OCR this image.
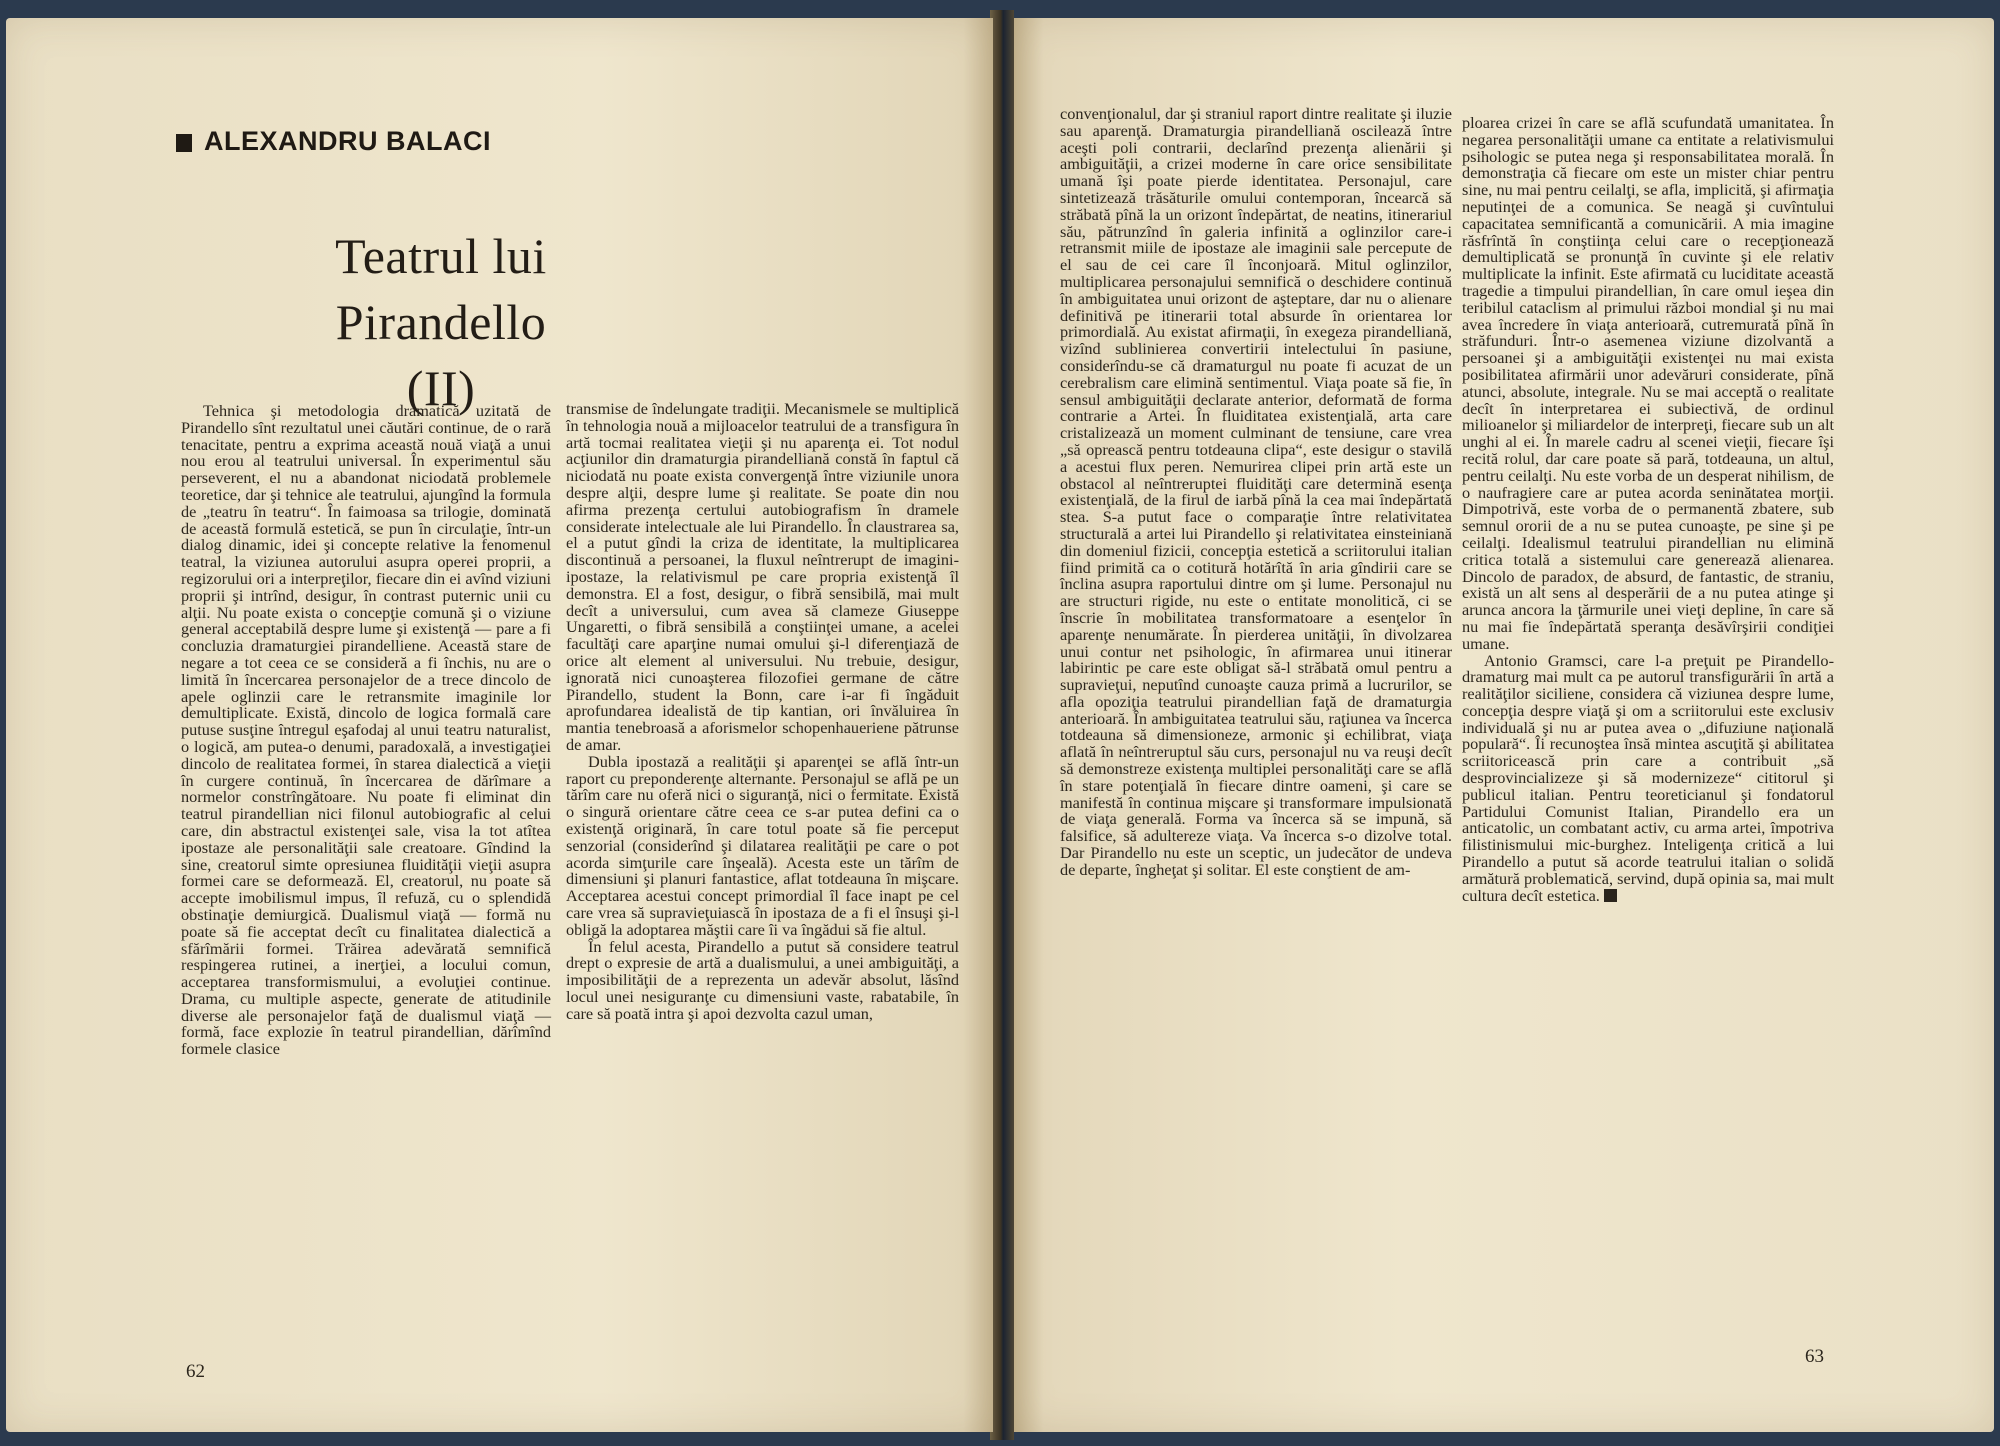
ALEXANDRU BALACI
Teatrul lui Pirandello
(II)

Tehnica şi metodologia dramatică uzitată de Pirandello sînt rezultatul unei căutări continue, de o rară tenacitate, pentru a exprima această nouă viaţă a unui nou erou al teatrului universal. În experimentul său perseverent, el nu a abandonat niciodată problemele teoretice, dar şi tehnice ale teatrului, ajungînd la formula de „teatru în teatru“. În faimoasa sa trilogie, dominată de această formulă estetică, se pun în circulaţie, într-un dialog dinamic, idei şi concepte relative la fenomenul teatral, la viziunea autorului asupra operei proprii, a regizorului ori a interpreţilor, fiecare din ei avînd viziuni proprii şi intrînd, desigur, în contrast puternic unii cu alţii. Nu poate exista o concepţie comună şi o viziune general acceptabilă despre lume şi existenţă — pare a fi concluzia dramaturgiei pirandelliene. Această stare de negare a tot ceea ce se consideră a fi închis, nu are o limită în încercarea personajelor de a trece dincolo de apele oglinzii care le retransmite imaginile lor demultiplicate. Există, dincolo de logica formală care putuse susţine întregul eşafodaj al unui teatru naturalist, o logică, am putea-o denumi, paradoxală, a investigaţiei dincolo de realitatea formei, în starea dialectică a vieţii în curgere continuă, în încercarea de dărîmare a normelor constrîngătoare. Nu poate fi eliminat din teatrul pirandellian nici filonul autobiografic al celui care, din abstractul existenţei sale, visa la tot atîtea ipostaze ale personalităţii sale creatoare. Gîndind la sine, creatorul simte opresiunea fluidităţii vieţii asupra formei care se deformează. El, creatorul, nu poate să accepte imobilismul impus, îl refuză, cu o splendidă obstinaţie demiurgică. Dualismul viaţă — formă nu poate să fie acceptat decît cu finalitatea dialectică a sfărîmării formei. Trăirea adevărată semnifică respingerea rutinei, a inerţiei, a locului comun, acceptarea transformismului, a evoluţiei continue. Drama, cu multiple aspecte, generate de atitudinile diverse ale personajelor faţă de dualismul viaţă — formă, face explozie în teatrul pirandellian, dărîmînd formele clasice

transmise de îndelungate tradiţii. Mecanismele se multiplică în tehnologia nouă a mijloacelor teatrului de a transfigura în artă tocmai realitatea vieţii şi nu aparenţa ei. Tot nodul acţiunilor din dramaturgia pirandelliană constă în faptul că niciodată nu poate exista convergenţă între viziunile unora despre alţii, despre lume şi realitate. Se poate din nou afirma prezenţa certului autobiografism în dramele considerate intelectuale ale lui Pirandello. În claustrarea sa, el a putut gîndi la criza de identitate, la multiplicarea discontinuă a persoanei, la fluxul neîntrerupt de imagini-ipostaze, la relativismul pe care propria existenţă îl demonstra. El a fost, desigur, o fibră sensibilă, mai mult decît a universului, cum avea să clameze Giuseppe Ungaretti, o fibră sensibilă a conştiinţei umane, a acelei facultăţi care aparţine numai omului şi-l diferenţiază de orice alt element al universului. Nu trebuie, desigur, ignorată nici cunoaşterea filozofiei germane de către Pirandello, student la Bonn, care i-ar fi îngăduit aprofundarea idealistă de tip kantian, ori învăluirea în mantia tenebroasă a aforismelor schopenhaueriene pătrunse de amar.

Dubla ipostază a realităţii şi aparenţei se află într-un raport cu preponderenţe alternante. Personajul se află pe un tărîm care nu oferă nici o siguranţă, nici o fermitate. Există o singură orientare către ceea ce s-ar putea defini ca o existenţă originară, în care totul poate să fie perceput senzorial (considerînd şi dilatarea realităţii pe care o pot acorda simţurile care înşeală). Acesta este un tărîm de dimensiuni şi planuri fantastice, aflat totdeauna în mişcare. Acceptarea acestui concept primordial îl face inapt pe cel care vrea să supravieţuiască în ipostaza de a fi el însuşi şi-l obligă la adoptarea măştii care îi va îngădui să fie altul.

În felul acesta, Pirandello a putut să considere teatrul drept o expresie de artă a dualismului, a unei ambiguităţi, a imposibilităţii de a reprezenta un adevăr absolut, lăsînd locul unei nesiguranţe cu dimensiuni vaste, rabatabile, în care să poată intra şi apoi dezvolta cazul uman,

62

convenţionalul, dar şi straniul raport dintre realitate şi iluzie sau aparenţă. Dramaturgia pirandelliană oscilează între aceşti poli contrarii, declarînd prezenţa alienării şi ambiguităţii, a crizei moderne în care orice sensibilitate umană îşi poate pierde identitatea. Personajul, care sintetizează trăsăturile omului contemporan, încearcă să străbată pînă la un orizont îndepărtat, de neatins, itinerariul său, pătrunzînd în galeria infinită a oglinzilor care-i retransmit miile de ipostaze ale imaginii sale percepute de el sau de cei care îl înconjoară. Mitul oglinzilor, multiplicarea personajului semnifică o deschidere continuă în ambiguitatea unui orizont de aşteptare, dar nu o alienare definitivă pe itinerarii total absurde în orientarea lor primordială. Au existat afirmaţii, în exegeza pirandelliană, vizînd sublinierea convertirii intelectului în pasiune, considerîndu-se că dramaturgul nu poate fi acuzat de un cerebralism care elimină sentimentul. Viaţa poate să fie, în sensul ambiguităţii declarate anterior, deformată de forma contrarie a Artei. În fluiditatea existenţială, arta care cristalizează un moment culminant de tensiune, care vrea „să oprească pentru totdeauna clipa“, este desigur o stavilă a acestui flux peren. Nemurirea clipei prin artă este un obstacol al neîntreruptei fluidităţi care determină esenţa existenţială, de la firul de iarbă pînă la cea mai îndepărtată stea. S-a putut face o comparaţie între relativitatea structurală a artei lui Pirandello şi relativitatea einsteiniană din domeniul fizicii, concepţia estetică a scriitorului italian fiind primită ca o cotitură hotărîtă în aria gîndirii care se înclina asupra raportului dintre om şi lume. Personajul nu are structuri rigide, nu este o entitate monolitică, ci se înscrie în mobilitatea transformatoare a esenţelor în aparenţe nenumărate. În pierderea unităţii, în divolzarea unui contur net psihologic, în afirmarea unui itinerar labirintic pe care este obligat să-l străbată omul pentru a supravieţui, neputînd cunoaşte cauza primă a lucrurilor, se afla opoziţia teatrului pirandellian faţă de dramaturgia anterioară. În ambiguitatea teatrului său, raţiunea va încerca totdeauna să dimensioneze, armonic şi echilibrat, viaţa aflată în neîntreruptul său curs, personajul nu va reuşi decît să demonstreze existenţa multiplei personalităţi care se află în stare potenţială în fiecare dintre oameni, şi care se manifestă în continua mişcare şi transformare impulsionată de viaţa generală. Forma va încerca să se impună, să falsifice, să adultereze viaţa. Va încerca s-o dizolve total. Dar Pirandello nu este un sceptic, un judecător de undeva de departe, îngheţat şi solitar. El este conştient de am-

ploarea crizei în care se află scufundată umanitatea. În negarea personalităţii umane ca entitate a relativismului psihologic se putea nega şi responsabilitatea morală. În demonstraţia că fiecare om este un mister chiar pentru sine, nu mai pentru ceilalţi, se afla, implicită, şi afirmaţia neputinţei de a comunica. Se neagă şi cuvîntului capacitatea semnificantă a comunicării. A mia imagine răsfrîntă în conştiinţa celui care o recepţionează demultiplicată se pronunţă în cuvinte şi ele relativ multiplicate la infinit. Este afirmată cu luciditate această tragedie a timpului pirandellian, în care omul ieşea din teribilul cataclism al primului război mondial şi nu mai avea încredere în viaţa anterioară, cutremurată pînă în străfunduri. Într-o asemenea viziune dizolvantă a persoanei şi a ambiguităţii existenţei nu mai exista posibilitatea afirmării unor adevăruri considerate, pînă atunci, absolute, integrale. Nu se mai acceptă o realitate decît în interpretarea ei subiectivă, de ordinul milioanelor şi miliardelor de interpreţi, fiecare sub un alt unghi al ei. În marele cadru al scenei vieţii, fiecare îşi recită rolul, dar care poate să pară, totdeauna, un altul, pentru ceilalţi. Nu este vorba de un desperat nihilism, de o naufragiere care ar putea acorda seninătatea morţii. Dimpotrivă, este vorba de o permanentă zbatere, sub semnul ororii de a nu se putea cunoaşte, pe sine şi pe ceilalţi. Idealismul teatrului pirandellian nu elimină critica totală a sistemului care generează alienarea. Dincolo de paradox, de absurd, de fantastic, de straniu, există un alt sens al desperării de a nu putea atinge şi arunca ancora la ţărmurile unei vieţi depline, în care să nu mai fie îndepărtată speranţa desăvîrşirii condiţiei umane.

Antonio Gramsci, care l-a preţuit pe Pirandello-dramaturg mai mult ca pe autorul transfigurării în artă a realităţilor siciliene, considera că viziunea despre lume, concepţia despre viaţă şi om a scriitorului este exclusiv individuală şi nu ar putea avea o „difuziune naţională populară“. Îi recunoştea însă mintea ascuţită şi abilitatea scriitoricească prin care a contribuit „să desprovincializeze şi să modernizeze“ cititorul şi publicul italian. Pentru teoreticianul şi fondatorul Partidului Comunist Italian, Pirandello era un anticatolic, un combatant activ, cu arma artei, împotriva filistinismului mic-burghez. Inteligenţa critică a lui Pirandello a putut să acorde teatrului italian o solidă armătură problematică, servind, după opinia sa, mai mult cultura decît estetica.

63
